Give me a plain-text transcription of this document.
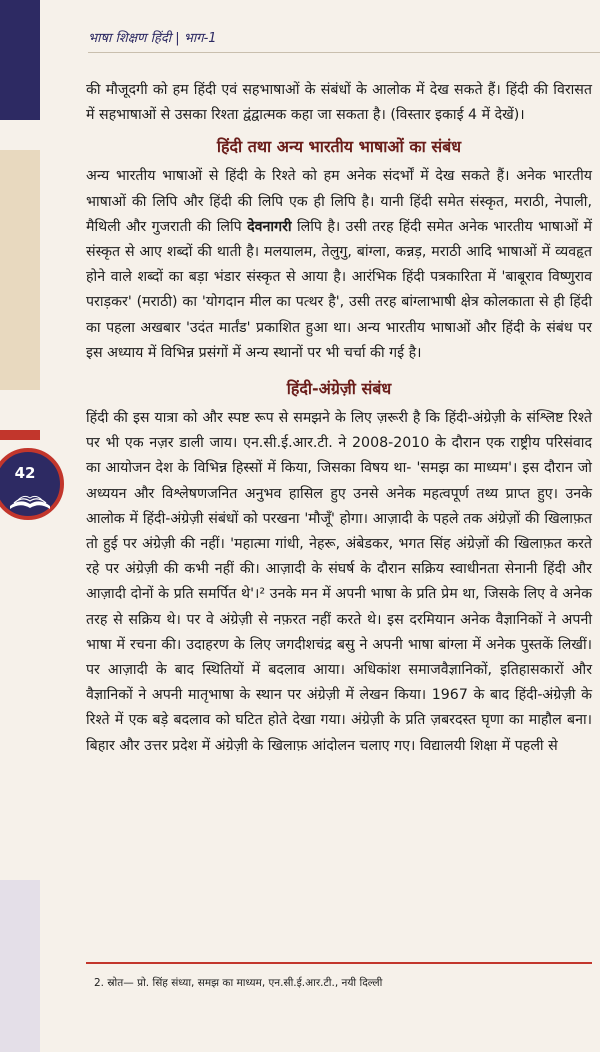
42
भाषा शिक्षण हिंदी | भाग-1

की मौजूदगी को हम हिंदी एवं सहभाषाओं के संबंधों के आलोक में देख सकते हैं। हिंदी की विरासत में सहभाषाओं से उसका रिश्ता द्वंद्वात्मक कहा जा सकता है। (विस्तार इकाई 4 में देखें)।

हिंदी तथा अन्य भारतीय भाषाओं का संबंध

अन्य भारतीय भाषाओं से हिंदी के रिश्ते को हम अनेक संदर्भों में देख सकते हैं। अनेक भारतीय भाषाओं की लिपि और हिंदी की लिपि एक ही लिपि है। यानी हिंदी समेत संस्कृत, मराठी, नेपाली, मैथिली और गुजराती की लिपि देवनागरी लिपि है। उसी तरह हिंदी समेत अनेक भारतीय भाषाओं में संस्कृत से आए शब्दों की थाती है। मलयालम, तेलुगु, बांग्ला, कन्नड़, मराठी आदि भाषाओं में व्यवहृत होने वाले शब्दों का बड़ा भंडार संस्कृत से आया है। आरंभिक हिंदी पत्रकारिता में 'बाबूराव विष्णुराव पराड़कर' (मराठी) का 'योगदान मील का पत्थर है', उसी तरह बांग्लाभाषी क्षेत्र कोलकाता से ही हिंदी का पहला अखबार 'उदंत मार्तंड' प्रकाशित हुआ था। अन्य भारतीय भाषाओं और हिंदी के संबंध पर इस अध्याय में विभिन्न प्रसंगों में अन्य स्थानों पर भी चर्चा की गई है।

हिंदी-अंग्रेज़ी संबंध

हिंदी की इस यात्रा को और स्पष्ट रूप से समझने के लिए ज़रूरी है कि हिंदी-अंग्रेज़ी के संश्लिष्ट रिश्ते पर भी एक नज़र डाली जाय। एन.सी.ई.आर.टी. ने 2008-2010 के दौरान एक राष्ट्रीय परिसंवाद का आयोजन देश के विभिन्न हिस्सों में किया, जिसका विषय था- 'समझ का माध्यम'। इस दौरान जो अध्ययन और विश्लेषणजनित अनुभव हासिल हुए उनसे अनेक महत्वपूर्ण तथ्य प्राप्त हुए। उनके आलोक में हिंदी-अंग्रेज़ी संबंधों को परखना 'मौजूँ' होगा। आज़ादी के पहले तक अंग्रेज़ों की खिलाफ़त तो हुई पर अंग्रेज़ी की नहीं। 'महात्मा गांधी, नेहरू, अंबेडकर, भगत सिंह अंग्रेज़ों की खिलाफ़त करते रहे पर अंग्रेज़ी की कभी नहीं की। आज़ादी के संघर्ष के दौरान सक्रिय स्वाधीनता सेनानी हिंदी और आज़ादी दोनों के प्रति समर्पित थे'।² उनके मन में अपनी भाषा के प्रति प्रेम था, जिसके लिए वे अनेक तरह से सक्रिय थे। पर वे अंग्रेज़ी से नफ़रत नहीं करते थे। इस दरमियान अनेक वैज्ञानिकों ने अपनी भाषा में रचना की। उदाहरण के लिए जगदीशचंद्र बसु ने अपनी भाषा बांग्ला में अनेक पुस्तकें लिखीं। पर आज़ादी के बाद स्थितियों में बदलाव आया। अधिकांश समाजवैज्ञानिकों, इतिहासकारों और वैज्ञानिकों ने अपनी मातृभाषा के स्थान पर अंग्रेज़ी में लेखन किया। 1967 के बाद हिंदी-अंग्रेज़ी के रिश्ते में एक बड़े बदलाव को घटित होते देखा गया। अंग्रेज़ी के प्रति ज़बरदस्त घृणा का माहौल बना। बिहार और उत्तर प्रदेश में अंग्रेज़ी के खिलाफ़ आंदोलन चलाए गए। विद्यालयी शिक्षा में पहली से

2. स्रोत— प्रो. सिंह संध्या, समझ का माध्यम, एन.सी.ई.आर.टी., नयी दिल्ली
